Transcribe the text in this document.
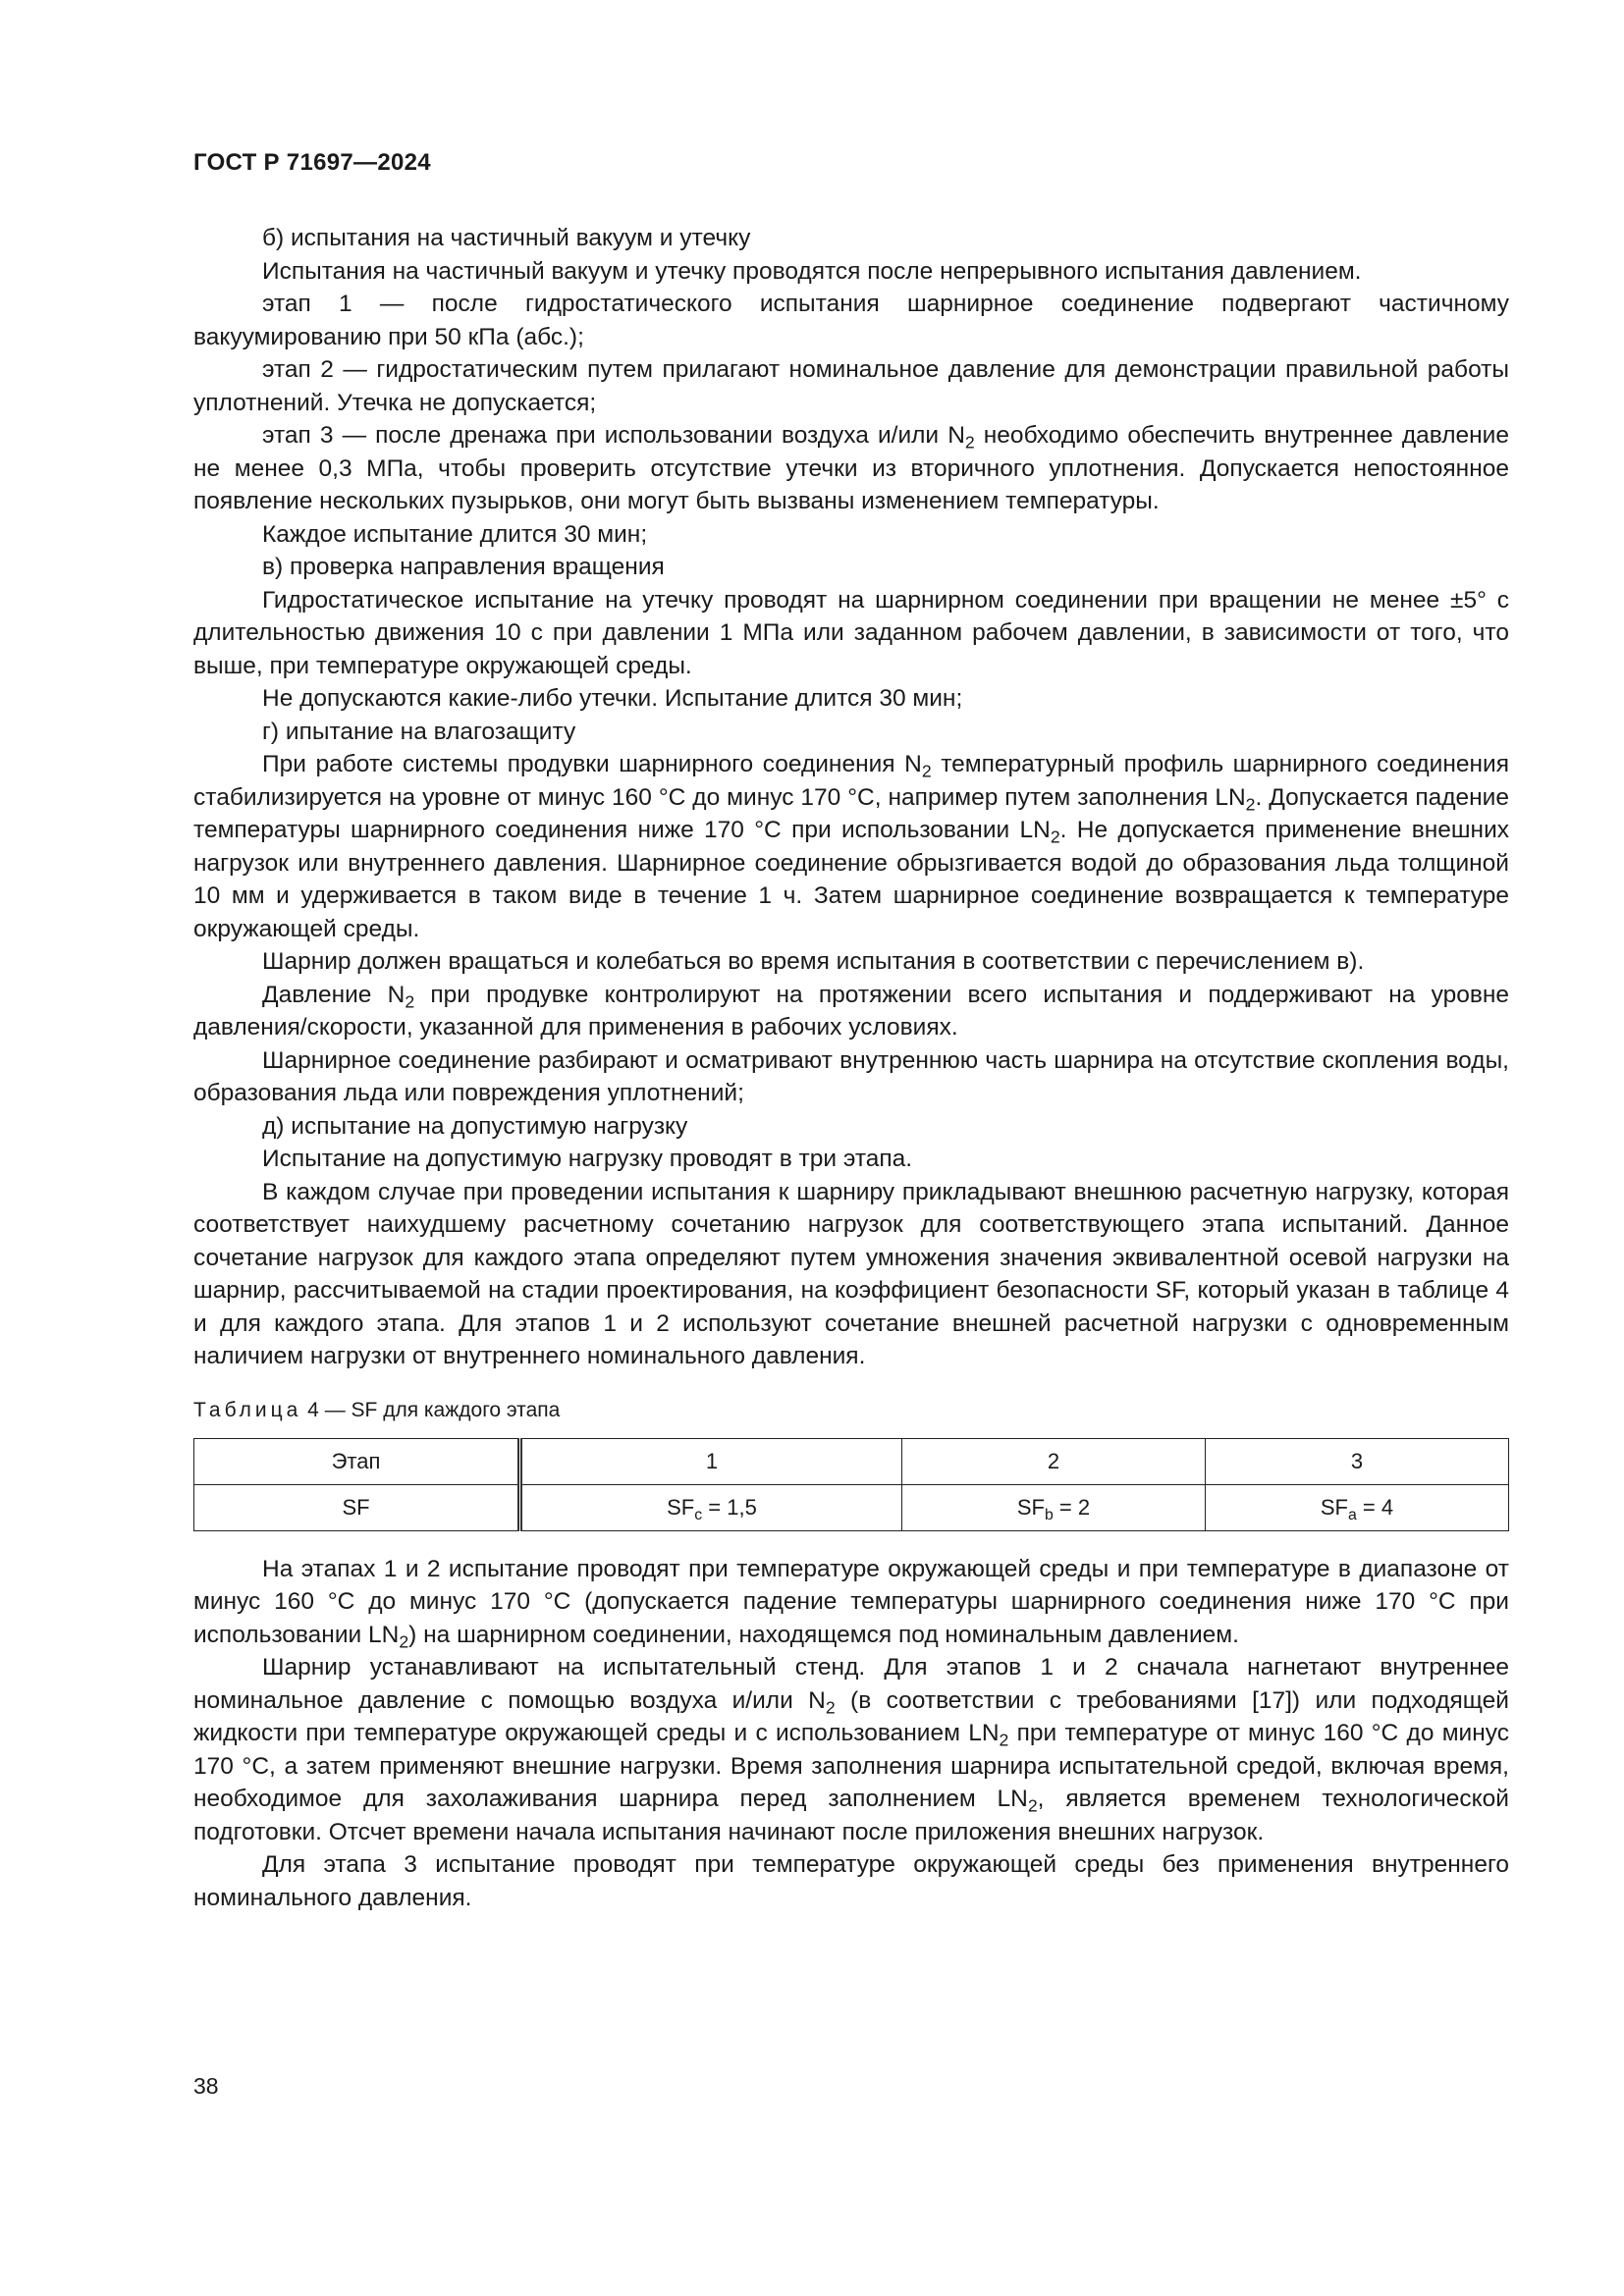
ГОСТ Р 71697—2024

б) испытания на частичный вакуум и утечку

Испытания на частичный вакуум и утечку проводятся после непрерывного испытания давлением.

этап 1 — после гидростатического испытания шарнирное соединение подвергают частичному вакуумированию при 50 кПа (абс.);

этап 2 — гидростатическим путем прилагают номинальное давление для демонстрации правильной работы уплотнений. Утечка не допускается;

этап 3 — после дренажа при использовании воздуха и/или $N_2$ необходимо обеспечить внутреннее давление не менее 0,3 МПа, чтобы проверить отсутствие утечки из вторичного уплотнения. Допускается непостоянное появление нескольких пузырьков, они могут быть вызваны изменением температуры.

Каждое испытание длится 30 мин;

в) проверка направления вращения

Гидростатическое испытание на утечку проводят на шарнирном соединении при вращении не менее ±5° с длительностью движения 10 с при давлении 1 МПа или заданном рабочем давлении, в зависимости от того, что выше, при температуре окружающей среды.

Не допускаются какие-либо утечки. Испытание длится 30 мин;

г) ипытание на влагозащиту

При работе системы продувки шарнирного соединения $N_2$ температурный профиль шарнирного соединения стабилизируется на уровне от минус 160 °С до минус 170 °С, например путем заполнения $LN_2$. Допускается падение температуры шарнирного соединения ниже 170 °С при использовании $LN_2$. Не допускается применение внешних нагрузок или внутреннего давления. Шарнирное соединение обрызгивается водой до образования льда толщиной 10 мм и удерживается в таком виде в течение 1 ч. Затем шарнирное соединение возвращается к температуре окружающей среды.

Шарнир должен вращаться и колебаться во время испытания в соответствии с перечислением в).

Давление $N_2$ при продувке контролируют на протяжении всего испытания и поддерживают на уровне давления/скорости, указанной для применения в рабочих условиях.

Шарнирное соединение разбирают и осматривают внутреннюю часть шарнира на отсутствие скопления воды, образования льда или повреждения уплотнений;

д) испытание на допустимую нагрузку

Испытание на допустимую нагрузку проводят в три этапа.

В каждом случае при проведении испытания к шарниру прикладывают внешнюю расчетную нагрузку, которая соответствует наихудшему расчетному сочетанию нагрузок для соответствующего этапа испытаний. Данное сочетание нагрузок для каждого этапа определяют путем умножения значения эквивалентной осевой нагрузки на шарнир, рассчитываемой на стадии проектирования, на коэффициент безопасности SF, который указан в таблице 4 и для каждого этапа. Для этапов 1 и 2 используют сочетание внешней расчетной нагрузки с одновременным наличием нагрузки от внутреннего номинального давления.

Таблица 4 — SF для каждого этапа
Этап	1	2	3
SF	$SF_c = 1,5$	$SF_b = 2$	$SF_a = 4$

На этапах 1 и 2 испытание проводят при температуре окружающей среды и при температуре в диапазоне от минус 160 °С до минус 170 °С (допускается падение температуры шарнирного соединения ниже 170 °С при использовании $LN_2$) на шарнирном соединении, находящемся под номинальным давлением.

Шарнир устанавливают на испытательный стенд. Для этапов 1 и 2 сначала нагнетают внутреннее номинальное давление с помощью воздуха и/или $N_2$ (в соответствии с требованиями [17]) или подходящей жидкости при температуре окружающей среды и с использованием $LN_2$ при температуре от минус 160 °С до минус 170 °С, а затем применяют внешние нагрузки. Время заполнения шарнира испытательной средой, включая время, необходимое для захолаживания шарнира перед заполнением $LN_2$, является временем технологической подготовки. Отсчет времени начала испытания начинают после приложения внешних нагрузок.

Для этапа 3 испытание проводят при температуре окружающей среды без применения внутреннего номинального давления.

38
